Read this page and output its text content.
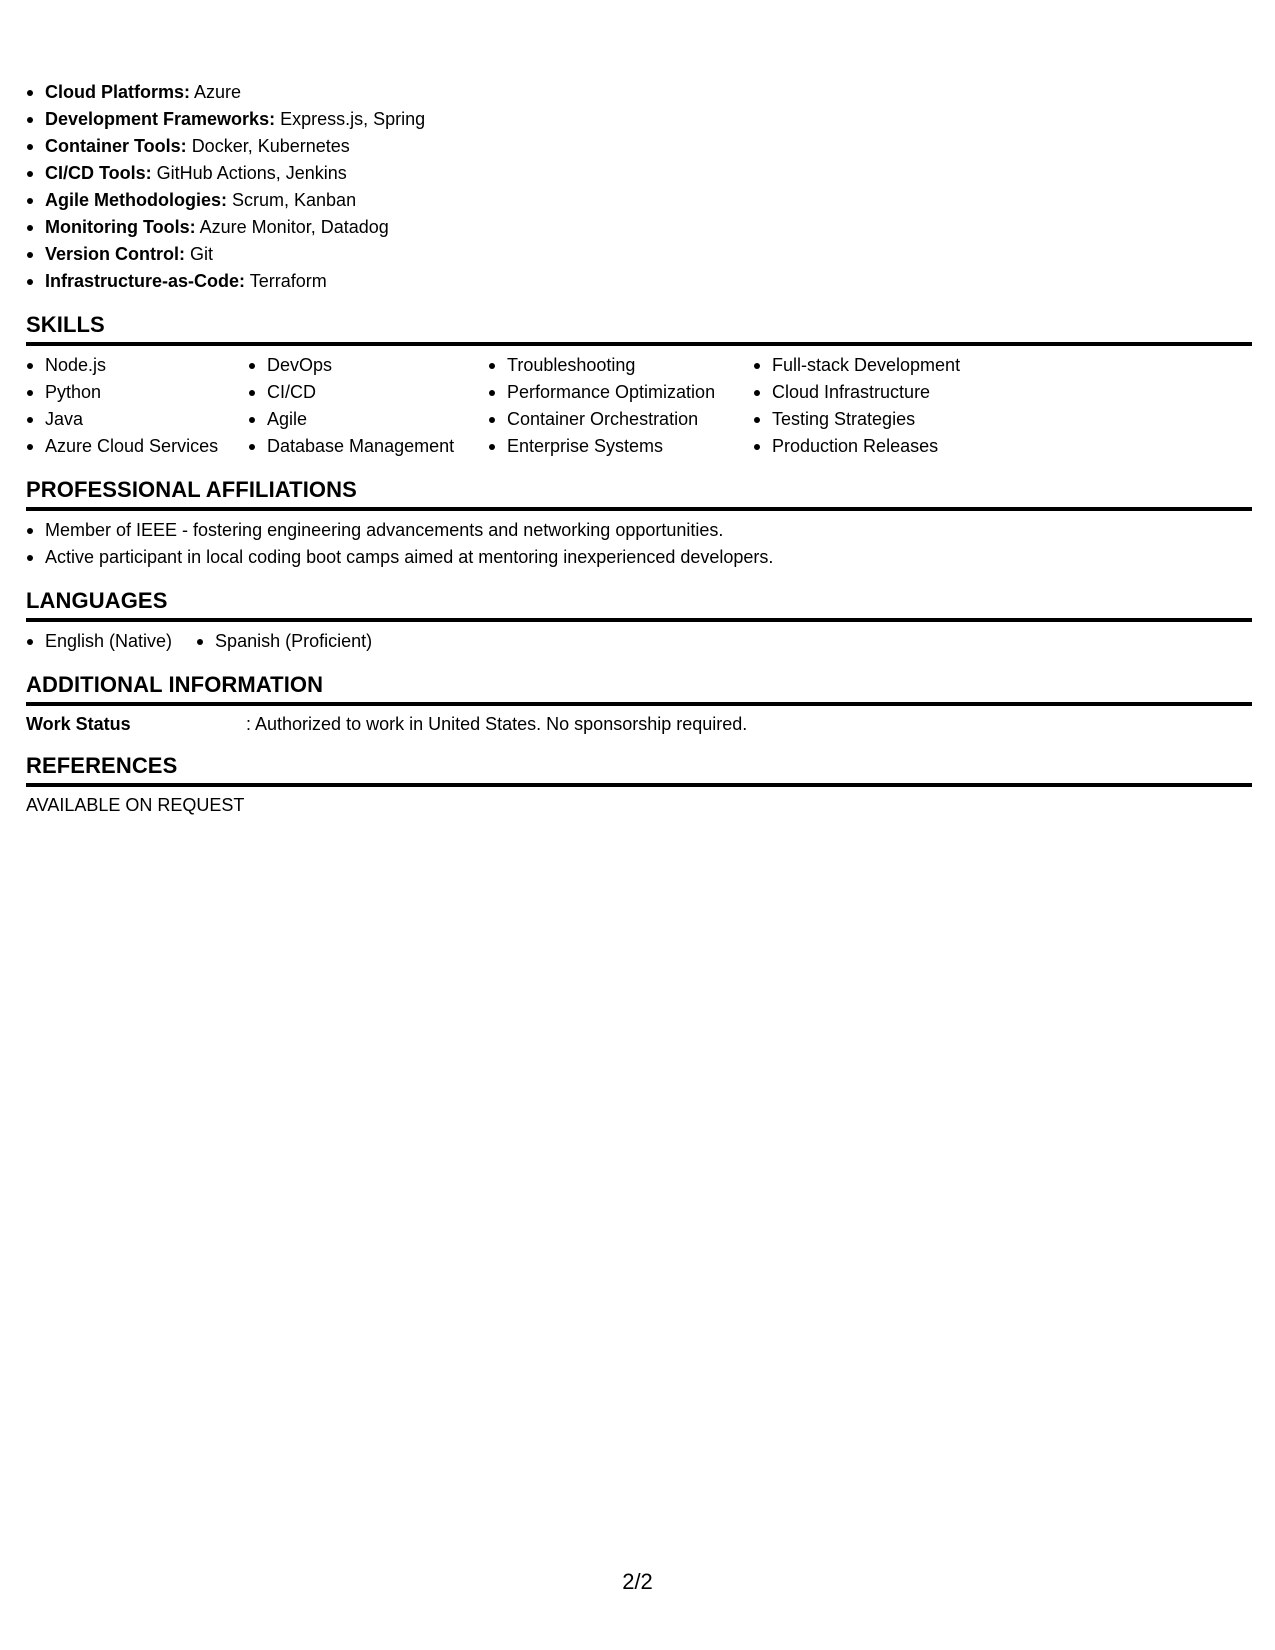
Cloud Platforms: Azure
Development Frameworks: Express.js, Spring
Container Tools: Docker, Kubernetes
CI/CD Tools: GitHub Actions, Jenkins
Agile Methodologies: Scrum, Kanban
Monitoring Tools: Azure Monitor, Datadog
Version Control: Git
Infrastructure-as-Code: Terraform
SKILLS
Node.js
Python
Java
Azure Cloud Services
DevOps
CI/CD
Agile
Database Management
Troubleshooting
Performance Optimization
Container Orchestration
Enterprise Systems
Full-stack Development
Cloud Infrastructure
Testing Strategies
Production Releases
PROFESSIONAL AFFILIATIONS
Member of IEEE - fostering engineering advancements and networking opportunities.
Active participant in local coding boot camps aimed at mentoring inexperienced developers.
LANGUAGES
English (Native)	Spanish (Proficient)
ADDITIONAL INFORMATION
Work Status	: Authorized to work in United States. No sponsorship required.
REFERENCES
AVAILABLE ON REQUEST
2/2
